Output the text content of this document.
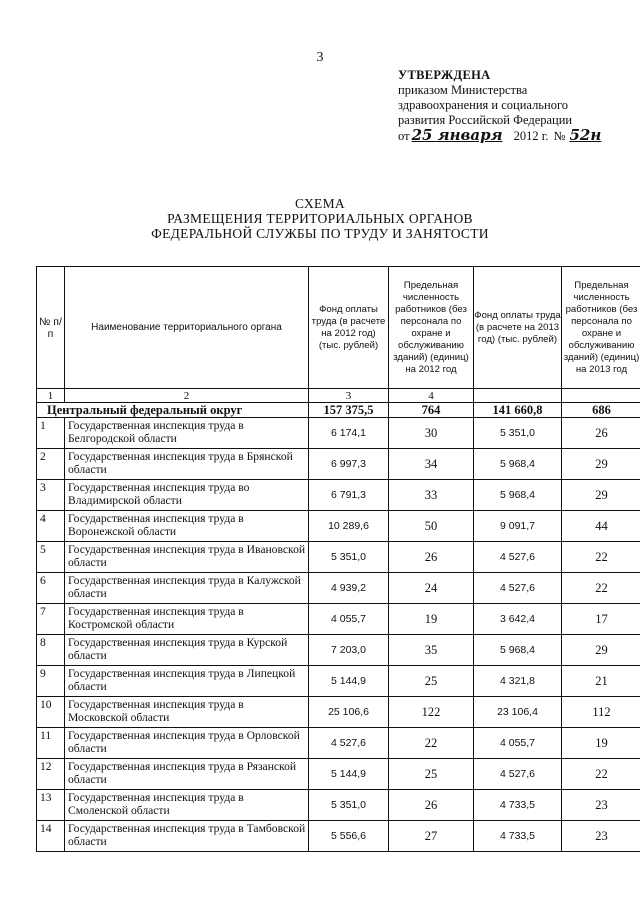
3
УТВЕРЖДЕНА
приказом Министерства
здравоохранения и социального
развития Российской Федерации
от 25 января 2012 г. № 52н
СХЕМА
РАЗМЕЩЕНИЯ ТЕРРИТОРИАЛЬНЫХ ОРГАНОВ
ФЕДЕРАЛЬНОЙ СЛУЖБЫ ПО ТРУДУ И ЗАНЯТОСТИ
№ п/п	Наименование территориального органа	Фонд оплаты труда (в расчете на 2012 год) (тыс. рублей)	Предельная численность работников (без персонала по охране и обслуживанию зданий) (единиц) на 2012 год	Фонд оплаты труда (в расчете на 2013 год) (тыс. рублей)	Предельная численность работников (без персонала по охране и обслуживанию зданий) (единиц) на 2013 год
1	2	3	4		
Центральный федеральный округ		157 375,5	764	141 660,8	686
1	Государственная инспекция труда в Белгородской области	6 174,1	30	5 351,0	26
2	Государственная инспекция труда в Брянской области	6 997,3	34	5 968,4	29
3	Государственная инспекция труда во Владимирской области	6 791,3	33	5 968,4	29
4	Государственная инспекция труда в Воронежской области	10 289,6	50	9 091,7	44
5	Государственная инспекция труда в Ивановской области	5 351,0	26	4 527,6	22
6	Государственная инспекция труда в Калужской области	4 939,2	24	4 527,6	22
7	Государственная инспекция труда в Костромской области	4 055,7	19	3 642,4	17
8	Государственная инспекция труда в Курской области	7 203,0	35	5 968,4	29
9	Государственная инспекция труда в Липецкой области	5 144,9	25	4 321,8	21
10	Государственная инспекция труда в Московской области	25 106,6	122	23 106,4	112
11	Государственная инспекция труда в Орловской области	4 527,6	22	4 055,7	19
12	Государственная инспекция труда в Рязанской области	5 144,9	25	4 527,6	22
13	Государственная инспекция труда в Смоленской области	5 351,0	26	4 733,5	23
14	Государственная инспекция труда в Тамбовской области	5 556,6	27	4 733,5	23
